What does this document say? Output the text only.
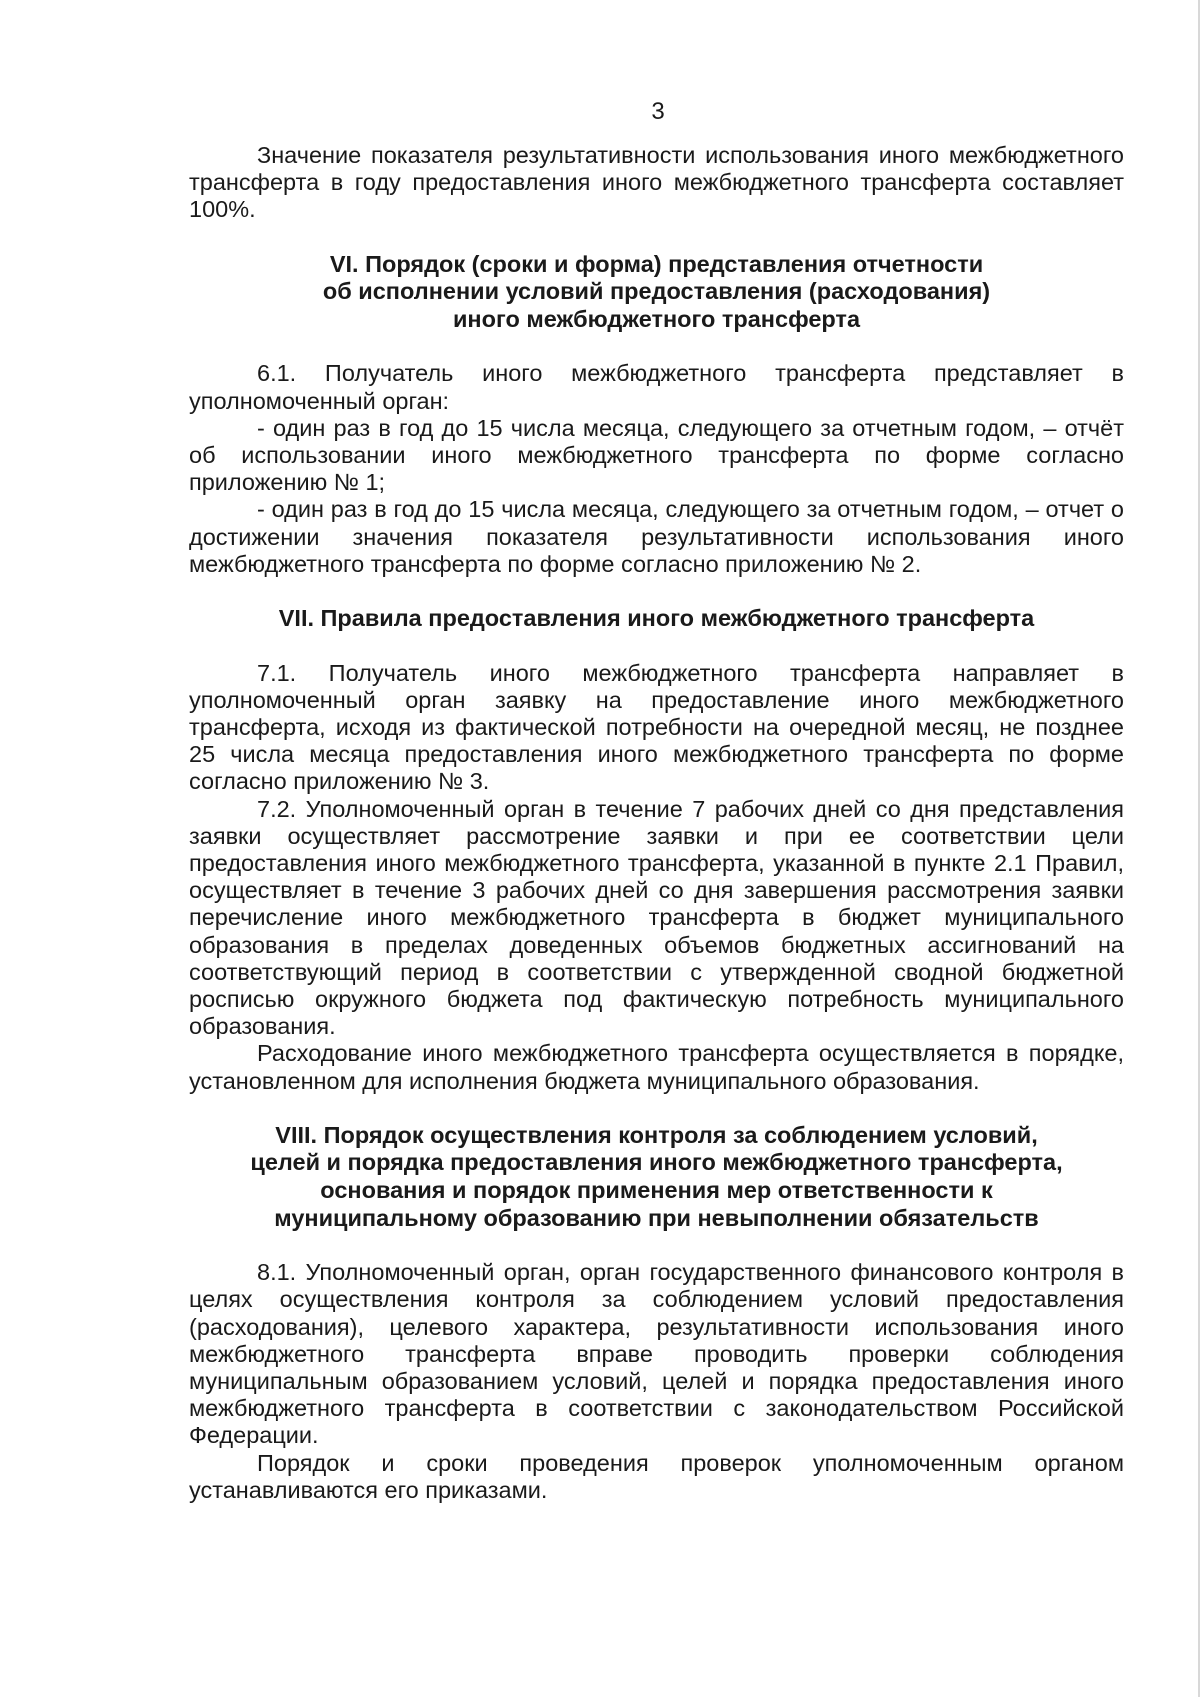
3

Значение показателя результативности использования иного межбюджетного трансферта в году предоставления иного межбюджетного трансферта составляет 100%.

VI. Порядок (сроки и форма) представления отчетности
об исполнении условий предоставления (расходования)
иного межбюджетного трансферта

6.1. Получатель иного межбюджетного трансферта представляет в уполномоченный орган:

- один раз в год до 15 числа месяца, следующего за отчетным годом, – отчёт об использовании иного межбюджетного трансферта по форме согласно приложению № 1;

- один раз в год до 15 числа месяца, следующего за отчетным годом, – отчет о достижении значения показателя результативности использования иного межбюджетного трансферта по форме согласно приложению № 2.

VII. Правила предоставления иного межбюджетного трансферта

7.1. Получатель иного межбюджетного трансферта направляет в уполномоченный орган заявку на предоставление иного межбюджетного трансферта, исходя из фактической потребности на очередной месяц, не позднее 25 числа месяца предоставления иного межбюджетного трансферта по форме согласно приложению № 3.

7.2. Уполномоченный орган в течение 7 рабочих дней со дня представления заявки осуществляет рассмотрение заявки и при ее соответствии цели предоставления иного межбюджетного трансферта, указанной в пункте 2.1 Правил, осуществляет в течение 3 рабочих дней со дня завершения рассмотрения заявки перечисление иного межбюджетного трансферта в бюджет муниципального образования в пределах доведенных объемов бюджетных ассигнований на соответствующий период в соответствии с утвержденной сводной бюджетной росписью окружного бюджета под фактическую потребность муниципального образования.

Расходование иного межбюджетного трансферта осуществляется в порядке, установленном для исполнения бюджета муниципального образования.

VIII. Порядок осуществления контроля за соблюдением условий,
целей и порядка предоставления иного межбюджетного трансферта,
основания и порядок применения мер ответственности к
муниципальному образованию при невыполнении обязательств

8.1. Уполномоченный орган, орган государственного финансового контроля в целях осуществления контроля за соблюдением условий предоставления (расходования), целевого характера, результативности использования иного межбюджетного трансферта вправе проводить проверки соблюдения муниципальным образованием условий, целей и порядка предоставления иного межбюджетного трансферта в соответствии с законодательством Российской Федерации.

Порядок и сроки проведения проверок уполномоченным органом устанавливаются его приказами.
